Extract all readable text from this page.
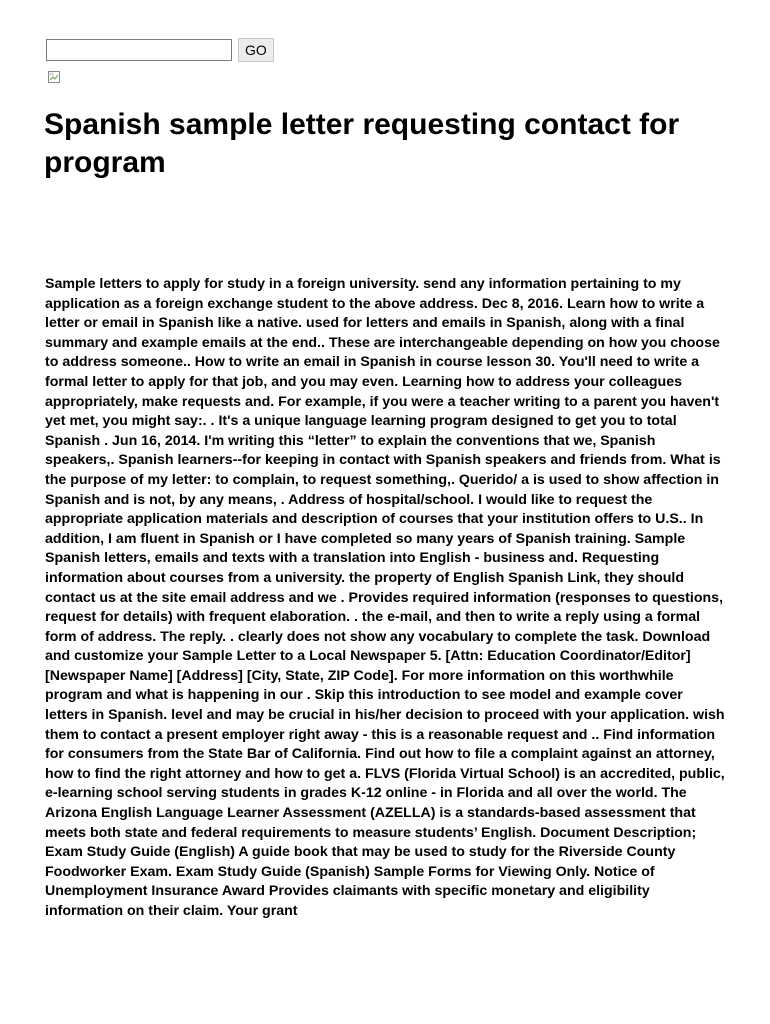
GO
Spanish sample letter requesting contact for program

Sample letters to apply for study in a foreign university. send any information pertaining to my application as a foreign exchange student to the above address. Dec 8, 2016. Learn how to write a letter or email in Spanish like a native. used for letters and emails in Spanish, along with a final summary and example emails at the end.. These are interchangeable depending on how you choose to address someone.. How to write an email in Spanish in course lesson 30. You'll need to write a formal letter to apply for that job, and you may even. Learning how to address your colleagues appropriately, make requests and. For example, if you were a teacher writing to a parent you haven't yet met, you might say:. . It's a unique language learning program designed to get you to total Spanish . Jun 16, 2014. I'm writing this “letter” to explain the conventions that we, Spanish speakers,. Spanish learners--for keeping in contact with Spanish speakers and friends from. What is the purpose of my letter: to complain, to request something,. Querido/ a is used to show affection in Spanish and is not, by any means, . Address of hospital/school. I would like to request the appropriate application materials and description of courses that your institution offers to U.S.. In addition, I am fluent in Spanish or I have completed so many years of Spanish training. Sample Spanish letters, emails and texts with a translation into English - business and. Requesting information about courses from a university. the property of English Spanish Link, they should contact us at the site email address and we . Provides required information (responses to questions, request for details) with frequent elaboration. . the e-mail, and then to write a reply using a formal form of address. The reply. . clearly does not show any vocabulary to complete the task. Download and customize your Sample Letter to a Local Newspaper 5. [Attn: Education Coordinator/Editor] [Newspaper Name] [Address] [City, State, ZIP Code]. For more information on this worthwhile program and what is happening in our . Skip this introduction to see model and example cover letters in Spanish. level and may be crucial in his/her decision to proceed with your application. wish them to contact a present employer right away - this is a reasonable request and .. Find information for consumers from the State Bar of California. Find out how to file a complaint against an attorney, how to find the right attorney and how to get a. FLVS (Florida Virtual School) is an accredited, public, e-learning school serving students in grades K-12 online - in Florida and all over the world. The Arizona English Language Learner Assessment (AZELLA) is a standards-based assessment that meets both state and federal requirements to measure students’ English. Document Description; Exam Study Guide (English) A guide book that may be used to study for the Riverside County Foodworker Exam. Exam Study Guide (Spanish) Sample Forms for Viewing Only. Notice of Unemployment Insurance Award Provides claimants with specific monetary and eligibility information on their claim. Your grant
